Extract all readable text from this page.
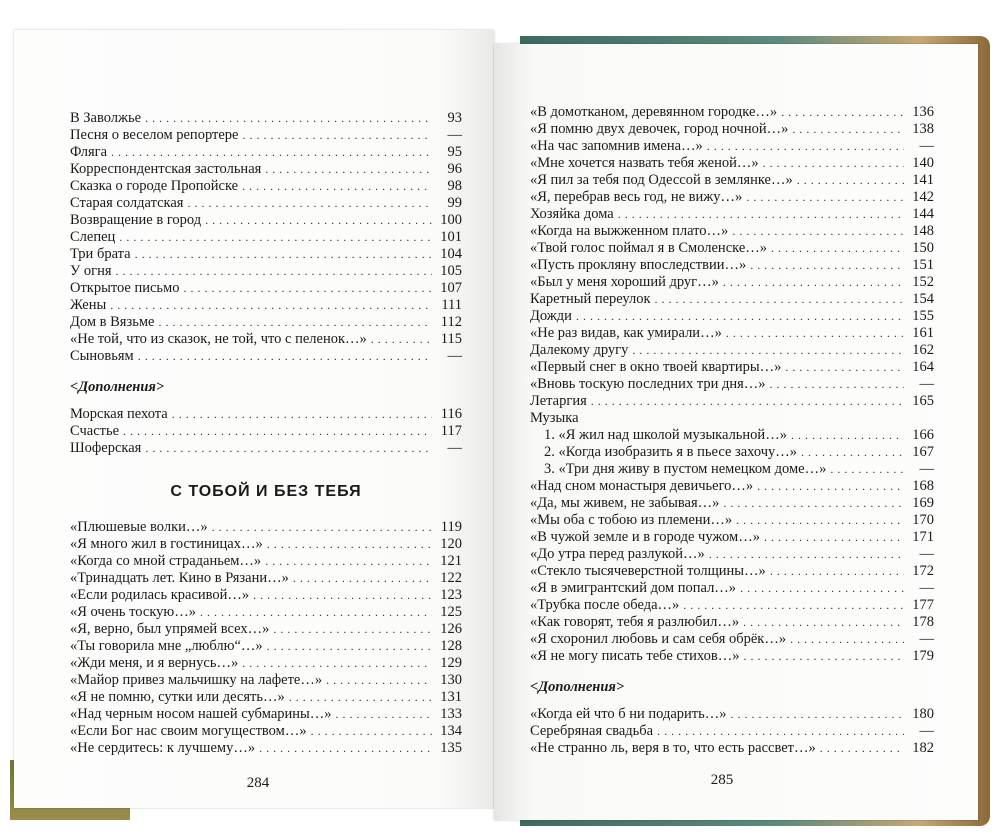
В Заволжье . . .	93
Песня о веселом репортере . . .	—
Фляга . . .	95
Корреспондентская застольная . . .	96
Сказка о городе Пропойске . . .	98
Старая солдатская . . .	99
Возвращение в город . . .	100
Слепец . . .	101
Три брата . . .	104
У огня . . .	105
Открытое письмо . . .	107
Жены . . .	111
Дом в Вязьме . . .	112
«Не той, что из сказок, не той, что с пеленок…» . . .	115
Сыновьям . . .	—
<Дополнения>
Морская пехота . . .	116
Счастье . . .	117
Шоферская . . .	—
С ТОБОЙ И БЕЗ ТЕБЯ
«Плюшевые волки…» . . .	119
«Я много жил в гостиницах…» . . .	120
«Когда со мной страданьем…» . . .	121
«Тринадцать лет. Кино в Рязани…» . . .	122
«Если родилась красивой…» . . .	123
«Я очень тоскую…» . . .	125
«Я, верно, был упрямей всех…» . . .	126
«Ты говорила мне „люблю“…» . . .	128
«Жди меня, и я вернусь…» . . .	129
«Майор привез мальчишку на лафете…» . . .	130
«Я не помню, сутки или десять…» . . .	131
«Над черным носом нашей субмарины…» . . .	133
«Если Бог нас своим могуществом…» . . .	134
«Не сердитесь: к лучшему…» . . .	135
284
«В домотканом, деревянном городке…» . . .	136
«Я помню двух девочек, город ночной…» . . .	138
«На час запомнив имена…» . . .	—
«Мне хочется назвать тебя женой…» . . .	140
«Я пил за тебя под Одессой в землянке…» . . .	141
«Я, перебрав весь год, не вижу…» . . .	142
Хозяйка дома . . .	144
«Когда на выжженном плато…» . . .	148
«Твой голос поймал я в Смоленске…» . . .	150
«Пусть прокляну впоследствии…» . . .	151
«Был у меня хороший друг…» . . .	152
Каретный переулок . . .	154
Дожди . . .	155
«Не раз видав, как умирали…» . . .	161
Далекому другу . . .	162
«Первый снег в окно твоей квартиры…» . . .	164
«Вновь тоскую последних три дня…» . . .	—
Летаргия . . .	165
Музыка
1. «Я жил над школой музыкальной…» . . .	166
2. «Когда изобразить я в пьесе захочу…» . . .	167
3. «Три дня живу в пустом немецком доме…» . . .	—
«Над сном монастыря девичьего…» . . .	168
«Да, мы живем, не забывая…» . . .	169
«Мы оба с тобою из племени…» . . .	170
«В чужой земле и в городе чужом…» . . .	171
«До утра перед разлукой…» . . .	—
«Стекло тысячеверстной толщины…» . . .	172
«Я в эмигрантский дом попал…» . . .	—
«Трубка после обеда…» . . .	177
«Как говорят, тебя я разлюбил…» . . .	178
«Я схоронил любовь и сам себя обрёк…» . . .	—
«Я не могу писать тебе стихов…» . . .	179
<Дополнения>
«Когда ей что б ни подарить…» . . .	180
Серебряная свадьба . . .	—
«Не странно ль, веря в то, что есть рассвет…» . . .	182
285
